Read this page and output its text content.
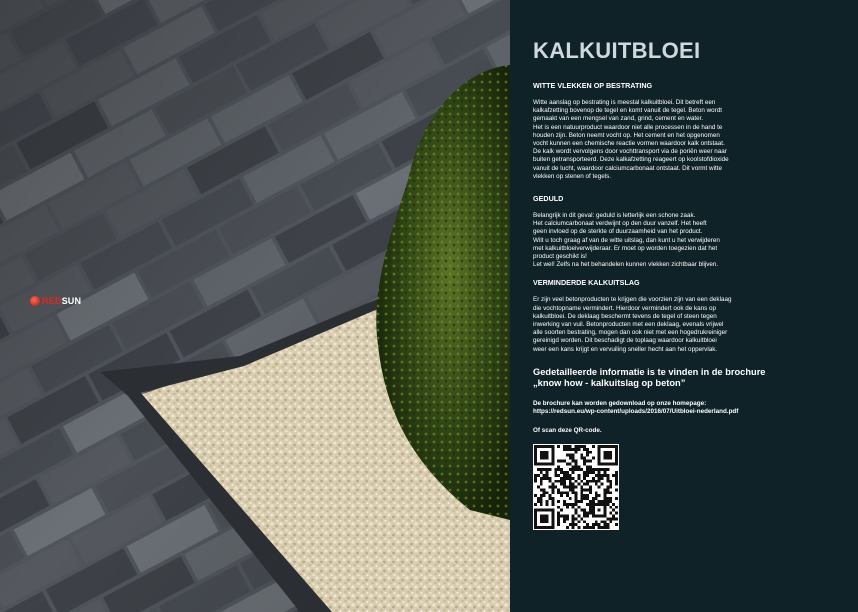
REDSUN
KALKUITBLOEI
WITTE VLEKKEN OP BESTRATING

Witte aanslag op bestrating is meestal kalkuitbloei. Dit betreft een
kalkafzetting bovenop de tegel en komt vanuit de tegel. Beton wordt
gemaakt van een mengsel van zand, grind, cement en water.
Het is een natuurproduct waardoor niet alle processen in de hand te
houden zijn. Beton neemt vocht op. Het cement en het opgenomen
vocht kunnen een chemische reactie vormen waardoor kalk ontstaat.
De kalk wordt vervolgens door vochttransport via de poriën weer naar
buiten getransporteerd. Deze kalkafzetting reageert op koolstofdioxide
vanuit de lucht, waardoor calciumcarbonaat ontstaat. Dit vormt witte
vlekken op stenen of tegels.

GEDULD

Belangrijk in dit geval: geduld is letterlijk een schone zaak.
Het calciumcarbonaat verdwijnt op den duur vanzelf. Het heeft
geen invloed op de sterkte of duurzaamheid van het product.
Wilt u toch graag af van de witte uitslag, dan kunt u het verwijderen
met kalkuitbloeiverwijderaar. Er moet op worden toegezien dat het
product geschikt is!
Let wel! Zelfs na het behandelen kunnen vlekken zichtbaar blijven.

VERMINDERDE KALKUITSLAG

Er zijn veel betonproducten te krijgen die voorzien zijn van een deklaag
die vochtopname vermindert. Hierdoor vermindert ook de kans op
kalkuitbloei. De deklaag beschermt tevens de tegel of steen tegen
inwerking van vuil. Betonproducten met een deklaag, evenals vrijwel
alle soorten bestrating, mogen dan ook niet met een hogedrukreiniger
gereinigd worden. Dit beschadigt de toplaag waardoor kalkuitbloei
weer een kans krijgt en vervuiling sneller hecht aan het oppervlak.

Gedetailleerde informatie is te vinden in de brochure
„know how - kalkuitslag op beton”
De brochure kan worden gedownload op onze homepage:
https://redsun.eu/wp-content/uploads/2016/07/Uitbloei-nederland.pdf
Of scan deze QR-code.
